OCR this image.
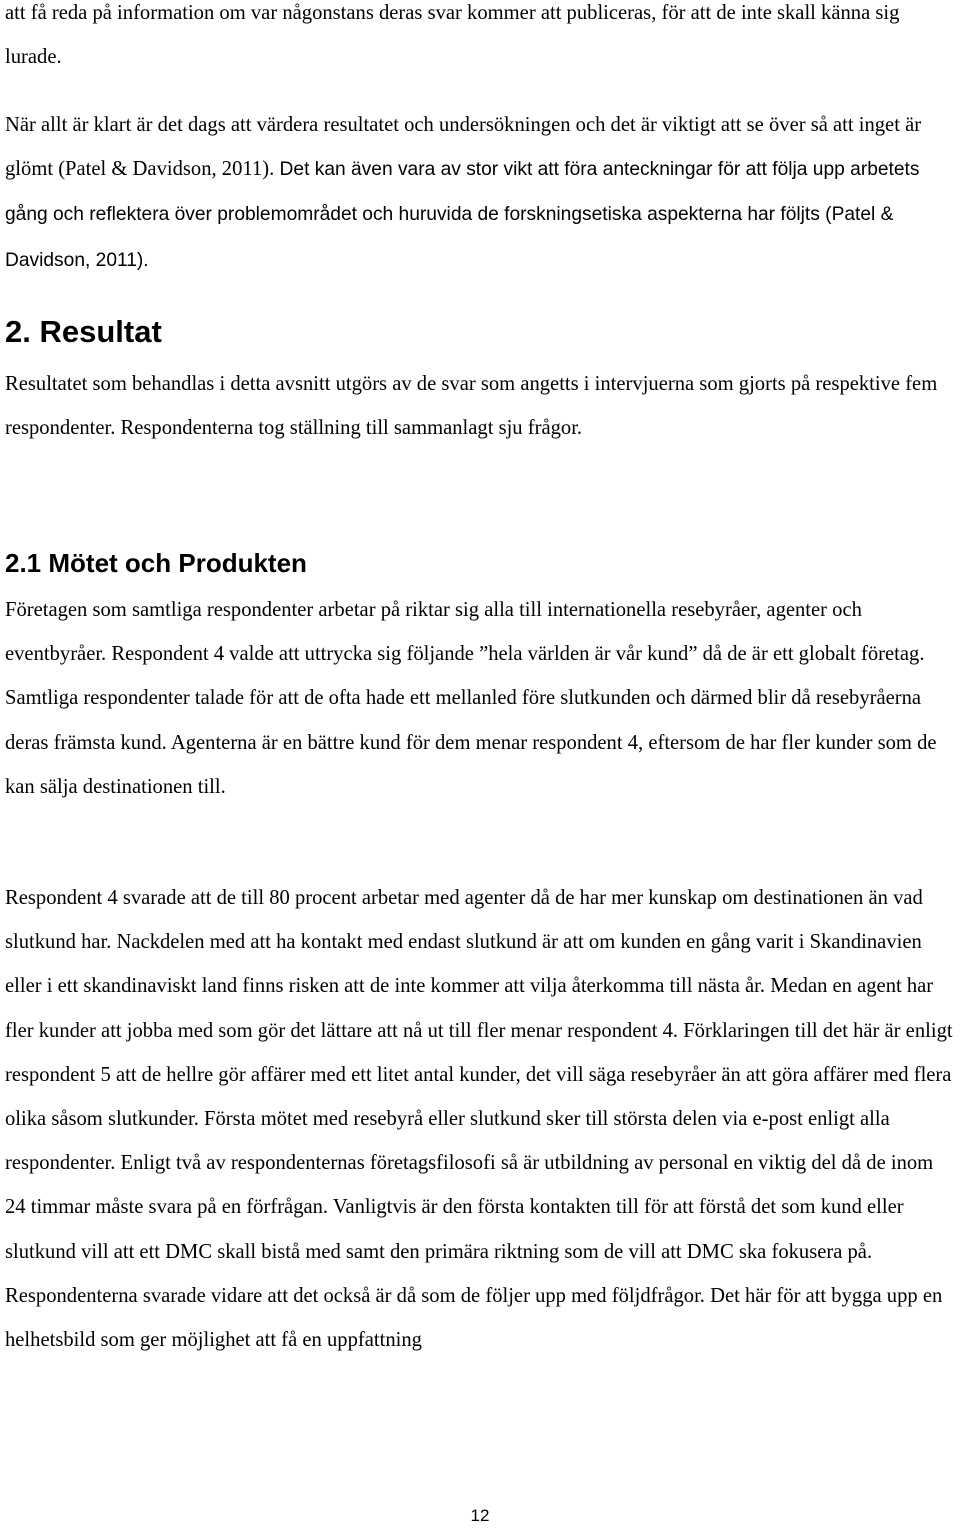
att få reda på information om var någonstans deras svar kommer att publiceras, för att de inte skall känna sig lurade.

När allt är klart är det dags att värdera resultatet och undersökningen och det är viktigt att se över så att inget är glömt (Patel & Davidson, 2011). Det kan även vara av stor vikt att föra anteckningar för att följa upp arbetets gång och reflektera över problemområdet och huruvida de forskningsetiska aspekterna har följts (Patel & Davidson, 2011).

2. Resultat

Resultatet som behandlas i detta avsnitt utgörs av de svar som angetts i intervjuerna som gjorts på respektive fem respondenter. Respondenterna tog ställning till sammanlagt sju frågor.

2.1 Mötet och Produkten

Företagen som samtliga respondenter arbetar på riktar sig alla till internationella resebyråer, agenter och eventbyråer. Respondent 4 valde att uttrycka sig följande ”hela världen är vår kund” då de är ett globalt företag. Samtliga respondenter talade för att de ofta hade ett mellanled före slutkunden och därmed blir då resebyråerna deras främsta kund. Agenterna är en bättre kund för dem menar respondent 4, eftersom de har fler kunder som de kan sälja destinationen till.

Respondent 4 svarade att de till 80 procent arbetar med agenter då de har mer kunskap om destinationen än vad slutkund har. Nackdelen med att ha kontakt med endast slutkund är att om kunden en gång varit i Skandinavien eller i ett skandinaviskt land finns risken att de inte kommer att vilja återkomma till nästa år. Medan en agent har fler kunder att jobba med som gör det lättare att nå ut till fler menar respondent 4. Förklaringen till det här är enligt respondent 5 att de hellre gör affärer med ett litet antal kunder, det vill säga resebyråer än att göra affärer med flera olika såsom slutkunder. Första mötet med resebyrå eller slutkund sker till största delen via e-post enligt alla respondenter. Enligt två av respondenternas företagsfilosofi så är utbildning av personal en viktig del då de inom 24 timmar måste svara på en förfrågan. Vanligtvis är den första kontakten till för att förstå det som kund eller slutkund vill att ett DMC skall bistå med samt den primära riktning som de vill att DMC ska fokusera på. Respondenterna svarade vidare att det också är då som de följer upp med följdfrågor. Det här för att bygga upp en helhetsbild som ger möjlighet att få en uppfattning

12
